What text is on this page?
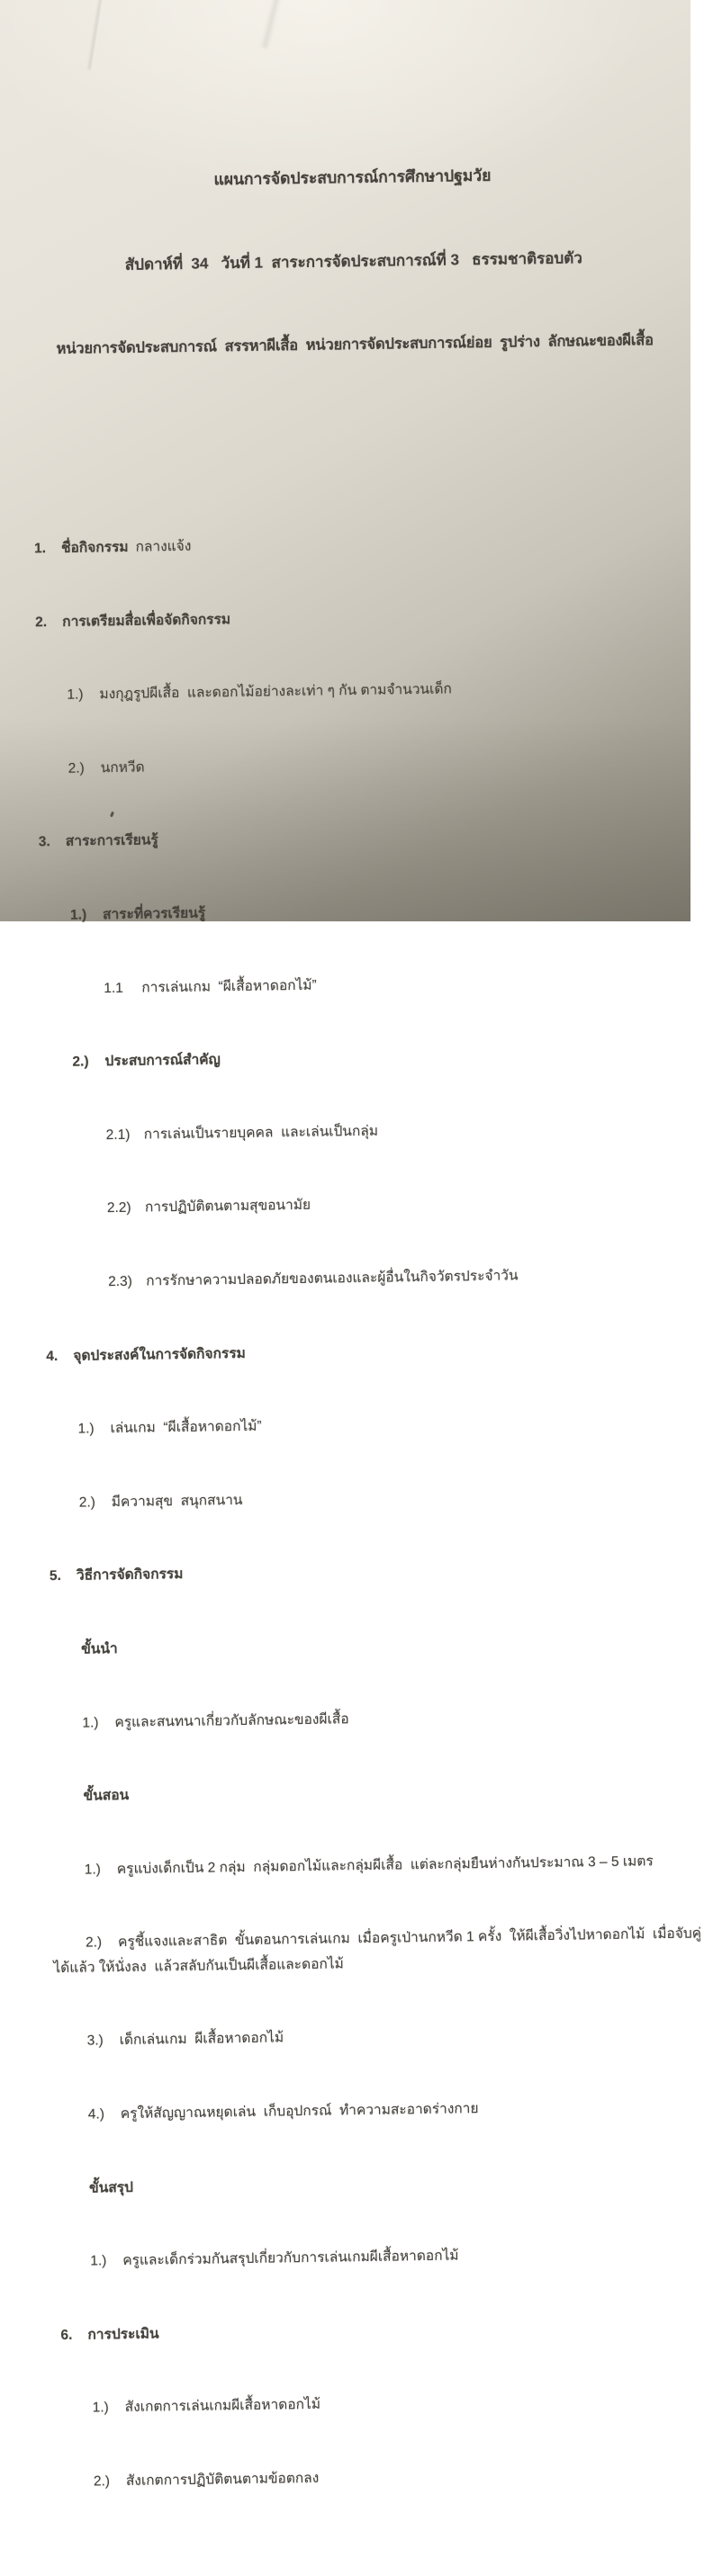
แผนการจัดประสบการณ์การศึกษาปฐมวัย

สัปดาห์ที่  34   วันที่ 1  สาระการจัดประสบการณ์ที่ 3   ธรรมชาติรอบตัว

หน่วยการจัดประสบการณ์  สรรหาผีเสื้อ  หน่วยการจัดประสบการณ์ย่อย  รูปร่าง  ลักษณะของผีเสื้อ

1. ชื่อกิจกรรม กลางแจ้ง

2. การเตรียมสื่อเพื่อจัดกิจกรรม

1.) มงกุฎรูปผีเสื้อ  และดอกไม้อย่างละเท่า ๆ กัน ตามจำนวนเด็ก

2.) นกหวีด

3. สาระการเรียนรู้

1.) สาระที่ควรเรียนรู้

1.1 การเล่นเกม  “ผีเสื้อหาดอกไม้”

2.) ประสบการณ์สำคัญ

2.1) การเล่นเป็นรายบุคคล  และเล่นเป็นกลุ่ม

2.2) การปฏิบัติตนตามสุขอนามัย

2.3) การรักษาความปลอดภัยของตนเองและผู้อื่นในกิจวัตรประจำวัน

4. จุดประสงค์ในการจัดกิจกรรม

1.) เล่นเกม  “ผีเสื้อหาดอกไม้”

2.) มีความสุข  สนุกสนาน

5. วิธีการจัดกิจกรรม

ขั้นนำ

1.) ครูและสนทนาเกี่ยวกับลักษณะของผีเสื้อ

ขั้นสอน

1.) ครูแบ่งเด็กเป็น 2 กลุ่ม  กลุ่มดอกไม้และกลุ่มผีเสื้อ  แต่ละกลุ่มยืนห่างกันประมาณ 3 – 5 เมตร

2.) ครูชี้แจงและสาธิต  ขั้นตอนการเล่นเกม  เมื่อครูเป่านกหวีด 1 ครั้ง  ให้ผีเสื้อวิ่งไปหาดอกไม้  เมื่อจับคู่ได้แล้ว ให้นั่งลง  แล้วสลับกันเป็นผีเสื้อและดอกไม้

3.) เด็กเล่นเกม  ผีเสื้อหาดอกไม้

4.) ครูให้สัญญาณหยุดเล่น  เก็บอุปกรณ์  ทำความสะอาดร่างกาย

ขั้นสรุป

1.) ครูและเด็กร่วมกันสรุปเกี่ยวกับการเล่นเกมผีเสื้อหาดอกไม้

6. การประเมิน

1.) สังเกตการเล่นเกมผีเสื้อหาดอกไม้

2.) สังเกตการปฏิบัติตนตามข้อตกลง
